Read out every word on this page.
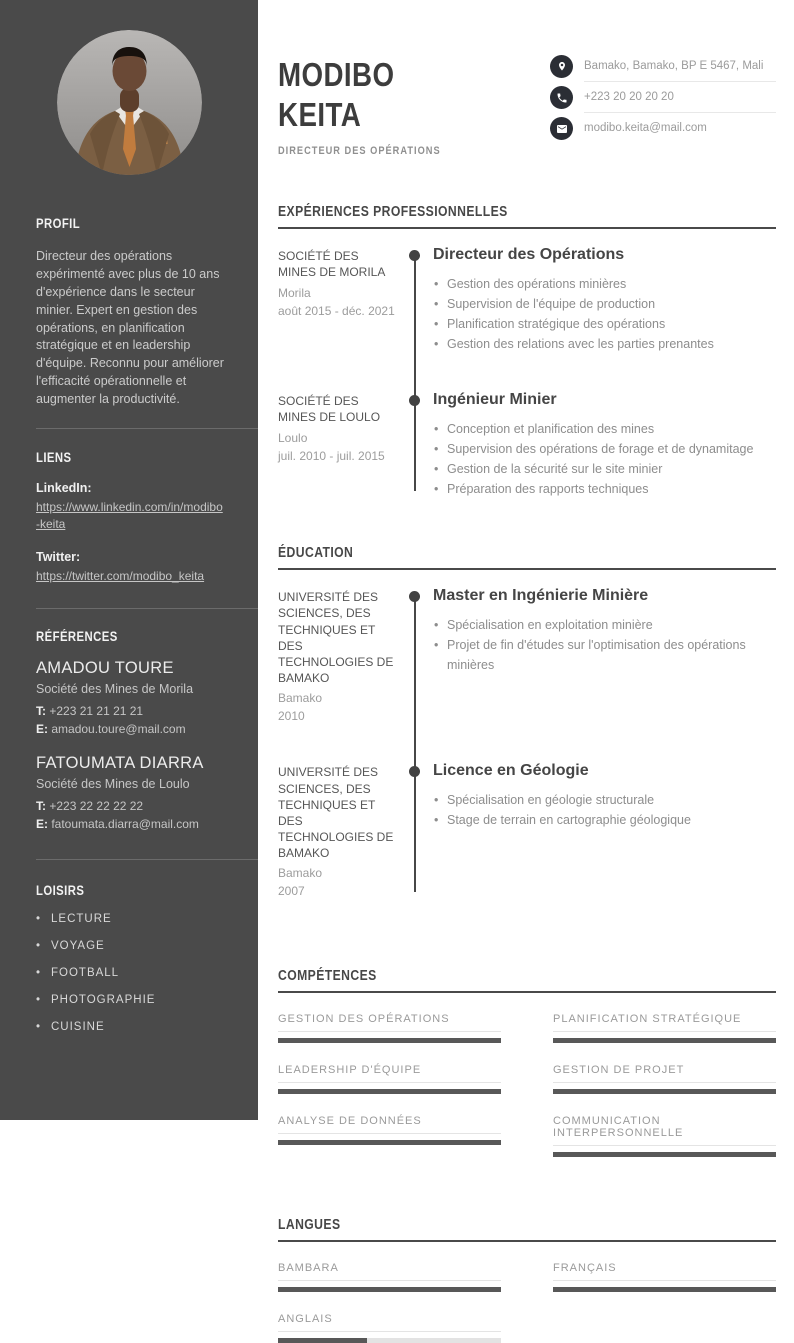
PROFIL

Directeur des opérations expérimenté avec plus de 10 ans d'expérience dans le secteur minier. Expert en gestion des opérations, en planification stratégique et en leadership d'équipe. Reconnu pour améliorer l'efficacité opérationnelle et augmenter la productivité.

LIENS
LinkedIn:
https://www.linkedin.com/in/modibo-keita
Twitter:
https://twitter.com/modibo_keita
RÉFÉRENCES
AMADOU TOURE
Société des Mines de Morila
T: +223 21 21 21 21
E: amadou.toure@mail.com
FATOUMATA DIARRA
Société des Mines de Loulo
T: +223 22 22 22 22
E: fatoumata.diarra@mail.com
LOISIRS
• LECTURE
• VOYAGE
• FOOTBALL
• PHOTOGRAPHIE
• CUISINE
MODIBO
KEITA
DIRECTEUR DES OPÉRATIONS
Bamako, Bamako, BP E 5467, Mali
+223 20 20 20 20
modibo.keita@mail.com
EXPÉRIENCES PROFESSIONNELLES
SOCIÉTÉ DES MINES DE MORILA
Morila
août 2015 - déc. 2021
Directeur des Opérations
• Gestion des opérations minières
• Supervision de l'équipe de production
• Planification stratégique des opérations
• Gestion des relations avec les parties prenantes
SOCIÉTÉ DES MINES DE LOULO
Loulo
juil. 2010 - juil. 2015
Ingénieur Minier
• Conception et planification des mines
• Supervision des opérations de forage et de dynamitage
• Gestion de la sécurité sur le site minier
• Préparation des rapports techniques
ÉDUCATION
UNIVERSITÉ DES SCIENCES, DES TECHNIQUES ET DES TECHNOLOGIES DE BAMAKO
Bamako
2010
Master en Ingénierie Minière
• Spécialisation en exploitation minière
• Projet de fin d'études sur l'optimisation des opérations minières
UNIVERSITÉ DES SCIENCES, DES TECHNIQUES ET DES TECHNOLOGIES DE BAMAKO
Bamako
2007
Licence en Géologie
• Spécialisation en géologie structurale
• Stage de terrain en cartographie géologique
COMPÉTENCES
GESTION DES OPÉRATIONS	PLANIFICATION STRATÉGIQUE
LEADERSHIP D'ÉQUIPE	GESTION DE PROJET
ANALYSE DE DONNÉES	COMMUNICATION INTERPERSONNELLE
LANGUES
BAMBARA	FRANÇAIS
ANGLAIS
